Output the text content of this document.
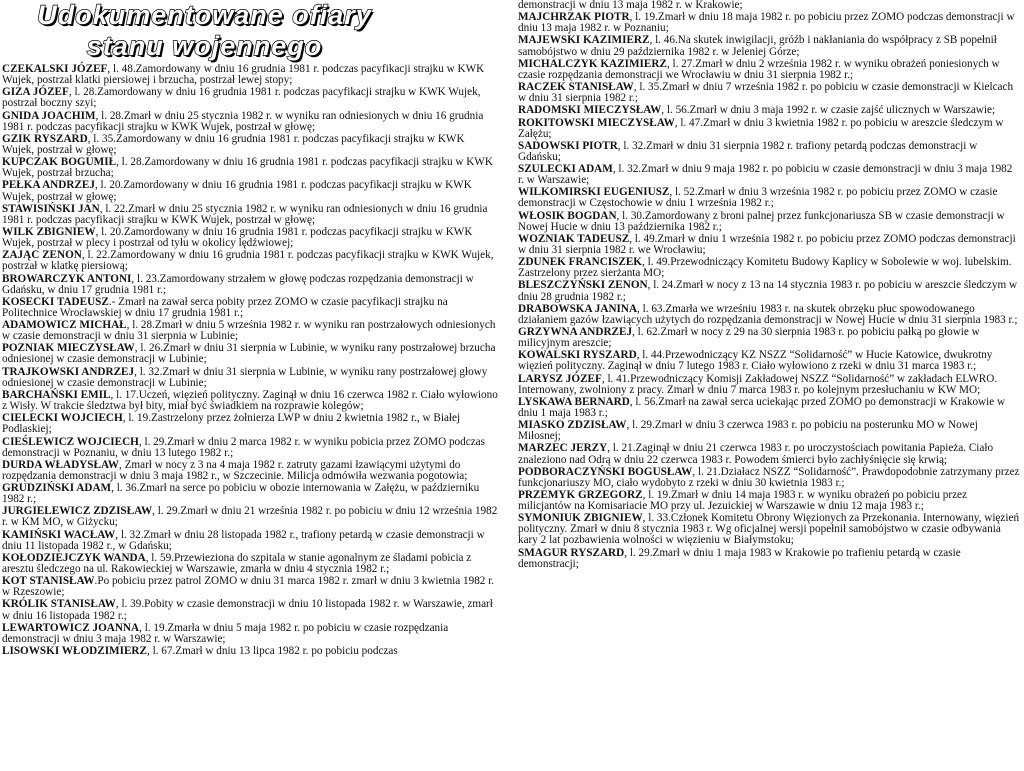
Udokumentowane ofiary
stanu wojennego
CZEKALSKI JÓZEF, l. 48.Zamordowany w dniu 16 grudnia 1981 r. podczas pacyfikacji strajku w KWK Wujek, postrzał klatki piersiowej i brzucha, postrzał lewej stopy;
GIZA JÓZEF, l. 28.Zamordowany w dniu 16 grudnia 1981 r. podczas pacyfikacji strajku w KWK Wujek, postrzał boczny szyi;
GNIDA JOACHIM, l. 28.Zmarł w dniu 25 stycznia 1982 r. w wyniku ran odniesionych w dniu 16 grudnia 1981 r. podczas pacyfikacji strajku w KWK Wujek, postrzał w głowę;
GZIK RYSZARD, l. 35.Zamordowany w dniu 16 grudnia 1981 r. podczas pacyfikacji strajku w KWK Wujek, postrzał w głowę;
KUPCZAK BOGUMIŁ, l. 28.Zamordowany w dniu 16 grudnia 1981 r. podczas pacyfikacji strajku w KWK Wujek, postrzał brzucha;
PEŁKA ANDRZEJ, l. 20.Zamordowany w dniu 16 grudnia 1981 r. podczas pacyfikacji strajku w KWK Wujek, postrzał w głowę;
STAWISIŃSKI JAN, l. 22.Zmarł w dniu 25 stycznia 1982 r. w wyniku ran odniesionych w dniu 16 grudnia 1981 r. podczas pacyfikacji strajku w KWK Wujek, postrzał w głowę;
WILK ZBIGNIEW, l. 20.Zamordowany w dniu 16 grudnia 1981 r. podczas pacyfikacji strajku w KWK Wujek, postrzał w plecy i postrzał od tyłu w okolicy lędźwiowej;
ZAJĄC ZENON, l. 22.Zamordowany w dniu 16 grudnia 1981 r. podczas pacyfikacji strajku w KWK Wujek, postrzał w klatkę piersiową;
BROWARCZYK ANTONI, l. 23.Zamordowany strzałem w głowę podczas rozpędzania demonstracji w Gdańsku, w dniu 17 grudnia 1981 r.;
KOSECKI TADEUSZ.- Zmarł na zawał serca pobity przez ZOMO w czasie pacyfikacji strajku na Politechnice Wrocławskiej w dniu 17 grudnia 1981 r.;
ADAMOWICZ MICHAŁ, l. 28.Zmarł w dniu 5 września 1982 r. w wyniku ran postrzałowych odniesionych w czasie demonstracji w dniu 31 sierpnia w Lubinie;
POZNIAK MIECZYSŁAW, l. 26.Zmarł w dniu 31 sierpnia w Lubinie, w wyniku rany postrzałowej brzucha odniesionej w czasie demonstracji w Lubinie;
TRAJKOWSKI ANDRZEJ, l. 32.Zmarł w dniu 31 sierpnia w Lubinie, w wyniku rany postrzałowej głowy odniesionej w czasie demonstracji w Lubinie;
BARCHAŃSKI EMIL, l. 17.Uczeń, więzień polityczny. Zaginął w dniu 16 czerwca 1982 r. Ciało wyłowiono z Wisły. W trakcie śledztwa był bity, miał być świadkiem na rozprawie kolegów;
CIELECKI WOJCIECH, l. 19.Zastrzelony przez żołnierza LWP w dniu 2 kwietnia 1982 r., w Białej Podlaskiej;
CIEŚLEWICZ WOJCIECH, l. 29.Zmarł w dniu 2 marca 1982 r. w wyniku pobicia przez ZOMO podczas demonstracji w Poznaniu, w dniu 13 lutego 1982 r.;
DURDA WŁADYSŁAW, Zmarł w nocy z 3 na 4 maja 1982 r. zatruty gazami łzawiącymi użytymi do rozpędzania demonstracji w dniu 3 maja 1982 r., w Szczecinie. Milicja odmówiła wezwania pogotowia;
GRUDZIŃSKI ADAM, l. 36.Zmarł na serce po pobiciu w obozie internowania w Załężu, w październiku 1982 r.;
JURGIELEWICZ ZDZISŁAW, l. 29.Zmarł w dniu 21 września 1982 r. po pobiciu w dniu 12 września 1982 r. w KM MO, w Giżycku;
KAMIŃSKI WACŁAW, l. 32.Zmarł w dniu 28 listopada 1982 r., trafiony petardą w czasie demonstracji w dniu 11 listopada 1982 r., w Gdańsku;
KOŁODZIEJCZYK WANDA, l. 59.Przewieziona do szpitala w stanie agonalnym ze śladami pobicia z aresztu śledczego na ul. Rakowieckiej w Warszawie, zmarła w dniu 4 stycznia 1982 r.;
KOT STANISŁAW.Po pobiciu przez patrol ZOMO w dniu 31 marca 1982 r. zmarł w dniu 3 kwietnia 1982 r. w Rzeszowie;
KRÓLIK STANISŁAW, l. 39.Pobity w czasie demonstracji w dniu 10 listopada 1982 r. w Warszawie, zmarł w dniu 16 listopada 1982 r.;
LEWARTOWICZ JOANNA, l. 19.Zmarła w dniu 5 maja 1982 r. po pobiciu w czasie rozpędzania demonstracji w dniu 3 maja 1982 r. w Warszawie;
LISOWSKI WŁODZIMIERZ, l. 67.Zmarł w dniu 13 lipca 1982 r. po pobiciu podczas
demonstracji w dniu 13 maja 1982 r. w Krakowie;
MAJCHRZAK PIOTR, l. 19.Zmarł w dniu 18 maja 1982 r. po pobiciu przez ZOMO podczas demonstracji w dniu 13 maja 1982 r. w Poznaniu;
MAJEWSKI KAZIMIERZ, l. 46.Na skutek inwigilacji, gróźb i nakłaniania do współpracy z SB popełnił samobójstwo w dniu 29 października 1982 r. w Jeleniej Górze;
MICHALCZYK KAZIMIERZ, l. 27.Zmarł w dniu 2 września 1982 r. w wyniku obrażeń poniesionych w czasie rozpędzania demonstracji we Wrocławiu w dniu 31 sierpnia 1982 r.;
RACZEK STANISŁAW, l. 35.Zmarł w dniu 7 września 1982 r. po pobiciu w czasie demonstracji w Kielcach w dniu 31 sierpnia 1982 r.;
RADOMSKI MIECZYSŁAW, l. 56.Zmarł w dniu 3 maja 1992 r. w czasie zajść ulicznych w Warszawie;
ROKITOWSKI MIECZYSŁAW, l. 47.Zmarł w dniu 3 kwietnia 1982 r. po pobiciu w areszcie śledczym w Załężu;
SADOWSKI PIOTR, l. 32.Zmarł w dniu 31 sierpnia 1982 r. trafiony petardą podczas demonstracji w Gdańsku;
SZULECKI ADAM, l. 32.Zmarł w dniu 9 maja 1982 r. po pobiciu w czasie demonstracji w dniu 3 maja 1982 r. w Warszawie;
WILKOMIRSKI EUGENIUSZ, l. 52.Zmarł w dniu 3 września 1982 r. po pobiciu przez ZOMO w czasie demonstracji w Częstochowie w dniu 1 września 1982 r.;
WŁOSIK BOGDAN, l. 30.Zamordowany z broni palnej przez funkcjonariusza SB w czasie demonstracji w Nowej Hucie w dniu 13 października 1982 r.;
WOZNIAK TADEUSZ, l. 49.Zmarł w dniu 1 września 1982 r. po pobiciu przez ZOMO podczas demonstracji w dniu 31 sierpnia 1982 r. we Wrocławiu;
ZDUNEK FRANCISZEK, l. 49.Przewodniczący Komitetu Budowy Kaplicy w Sobolewie w woj. lubelskim. Zastrzelony przez sierżanta MO;
BLESZCZYŃSKI ZENON, l. 24.Zmarł w nocy z 13 na 14 stycznia 1983 r. po pobiciu w areszcie śledczym w dniu 28 grudnia 1982 r.;
DRABOWSKA JANINA, l. 63.Zmarła we wrześniu 1983 r. na skutek obrzęku płuc spowodowanego działaniem gazów łzawiących użytych do rozpędzania demonstracji w Nowej Hucie w dniu 31 sierpnia 1983 r.;
GRZYWNA ANDRZEJ, l. 62.Zmarł w nocy z 29 na 30 sierpnia 1983 r. po pobiciu pałką po głowie w milicyjnym areszcie;
KOWALSKI RYSZARD, l. 44.Przewodniczący KZ NSZZ “Solidarność” w Hucie Katowice, dwukrotny więzień polityczny. Zaginął w dniu 7 lutego 1983 r. Ciało wyłowiono z rzeki w dniu 31 marca 1983 r.;
LARYSZ JÓZEF, l. 41.Przewodniczący Komisji Zakładowej NSZZ “Solidarność” w zakładach ELWRO. Internowany, zwolniony z pracy. Zmarł w dniu 7 marca 1983 r. po kolejnym przesłuchaniu w KW MO;
LYSKAWA BERNARD, l. 56.Zmarł na zawał serca uciekając przed ZOMO po demonstracji w Krakowie w dniu 1 maja 1983 r.;
MIASKO ZDZISŁAW, l. 29.Zmarł w dniu 3 czerwca 1983 r. po pobiciu na posterunku MO w Nowej Miłosnej;
MARZEC JERZY, l. 21.Zaginął w dniu 21 czerwca 1983 r. po uroczystościach powitania Papieża. Ciało znaleziono nad Odrą w dniu 22 czerwca 1983 r. Powodem śmierci było zachłyśnięcie się krwią;
PODBORACZYŃSKI BOGUSŁAW, l. 21.Działacz NSZZ “Solidarność”. Prawdopodobnie zatrzymany przez funkcjonariuszy MO, ciało wydobyto z rzeki w dniu 30 kwietnia 1983 r.;
PRZEMYK GRZEGORZ, l. 19.Zmarł w dniu 14 maja 1983 r. w wyniku obrażeń po pobiciu przez milicjantów na Komisariacie MO przy ul. Jezuickiej w Warszawie w dniu 12 maja 1983 r.;
SYMONIUK ZBIGNIEW, l. 33.Członek Komitetu Obrony Więzionych za Przekonania. Internowany, więzień polityczny. Zmarł w dniu 8 stycznia 1983 r. Wg oficjalnej wersji popełnił samobójstwo w czasie odbywania kary 2 lat pozbawienia wolności w więzieniu w Białymstoku;
SMAGUR RYSZARD, l. 29.Zmarł w dniu 1 maja 1983 w Krakowie po trafieniu petardą w czasie demonstracji;
